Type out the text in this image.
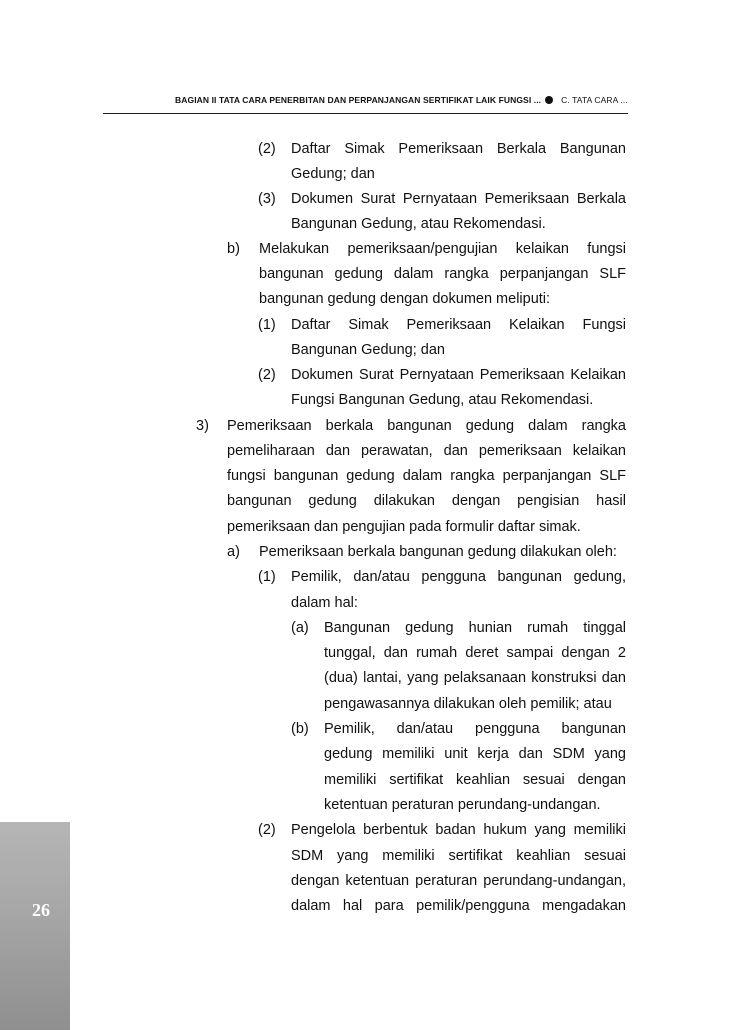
BAGIAN II TATA CARA PENERBITAN DAN PERPANJANGAN SERTIFIKAT LAIK FUNGSI ... C. TATA CARA ...
(2) Daftar Simak Pemeriksaan Berkala Bangunan
Gedung; dan
(3) Dokumen Surat Pernyataan Pemeriksaan Berkala
Bangunan Gedung, atau Rekomendasi.
b) Melakukan pemeriksaan/pengujian kelaikan fungsi
bangunan gedung dalam rangka perpanjangan SLF
bangunan gedung dengan dokumen meliputi:
(1) Daftar Simak Pemeriksaan Kelaikan Fungsi
Bangunan Gedung; dan
(2) Dokumen Surat Pernyataan Pemeriksaan Kelaikan
Fungsi Bangunan Gedung, atau Rekomendasi.
3) Pemeriksaan berkala bangunan gedung dalam rangka
pemeliharaan dan perawatan, dan pemeriksaan kelaikan
fungsi bangunan gedung dalam rangka perpanjangan SLF
bangunan gedung dilakukan dengan pengisian hasil
pemeriksaan dan pengujian pada formulir daftar simak.
a) Pemeriksaan berkala bangunan gedung dilakukan oleh:
(1) Pemilik, dan/atau pengguna bangunan gedung,
dalam hal:
(a) Bangunan gedung hunian rumah tinggal
tunggal, dan rumah deret sampai dengan 2
(dua) lantai, yang pelaksanaan konstruksi dan
pengawasannya dilakukan oleh pemilik; atau
(b) Pemilik, dan/atau pengguna bangunan
gedung memiliki unit kerja dan SDM yang
memiliki sertifikat keahlian sesuai dengan
ketentuan peraturan perundang-undangan.
(2) Pengelola berbentuk badan hukum yang memiliki
SDM yang memiliki sertifikat keahlian sesuai
dengan ketentuan peraturan perundang-undangan,
dalam hal para pemilik/pengguna mengadakan
26
